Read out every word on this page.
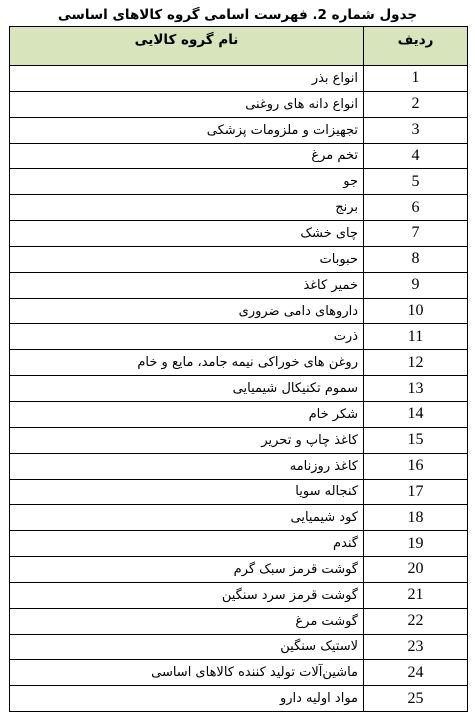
جدول شماره 2. فهرست اسامی گروه کالاهای اساسی
ردیف	نام گروه کالایی
1	انواع بذر
2	انواع دانه های روغنی
3	تجهیزات و ملزومات پزشکی
4	تخم مرغ
5	جو
6	برنج
7	چای خشک
8	حبوبات
9	خمیر کاغذ
10	داروهای دامی ضروری
11	ذرت
12	روغن های خوراکی نیمه جامد، مایع و خام
13	سموم تکنیکال شیمیایی
14	شکر خام
15	کاغذ چاپ و تحریر
16	کاغذ روزنامه
17	کنجاله سویا
18	کود شیمیایی
19	گندم
20	گوشت قرمز سبک گرم
21	گوشت قرمز سرد سنگین
22	گوشت مرغ
23	لاستیک سنگین
24	ماشین‌آلات تولید کننده کالاهای اساسی
25	مواد اولیه دارو
